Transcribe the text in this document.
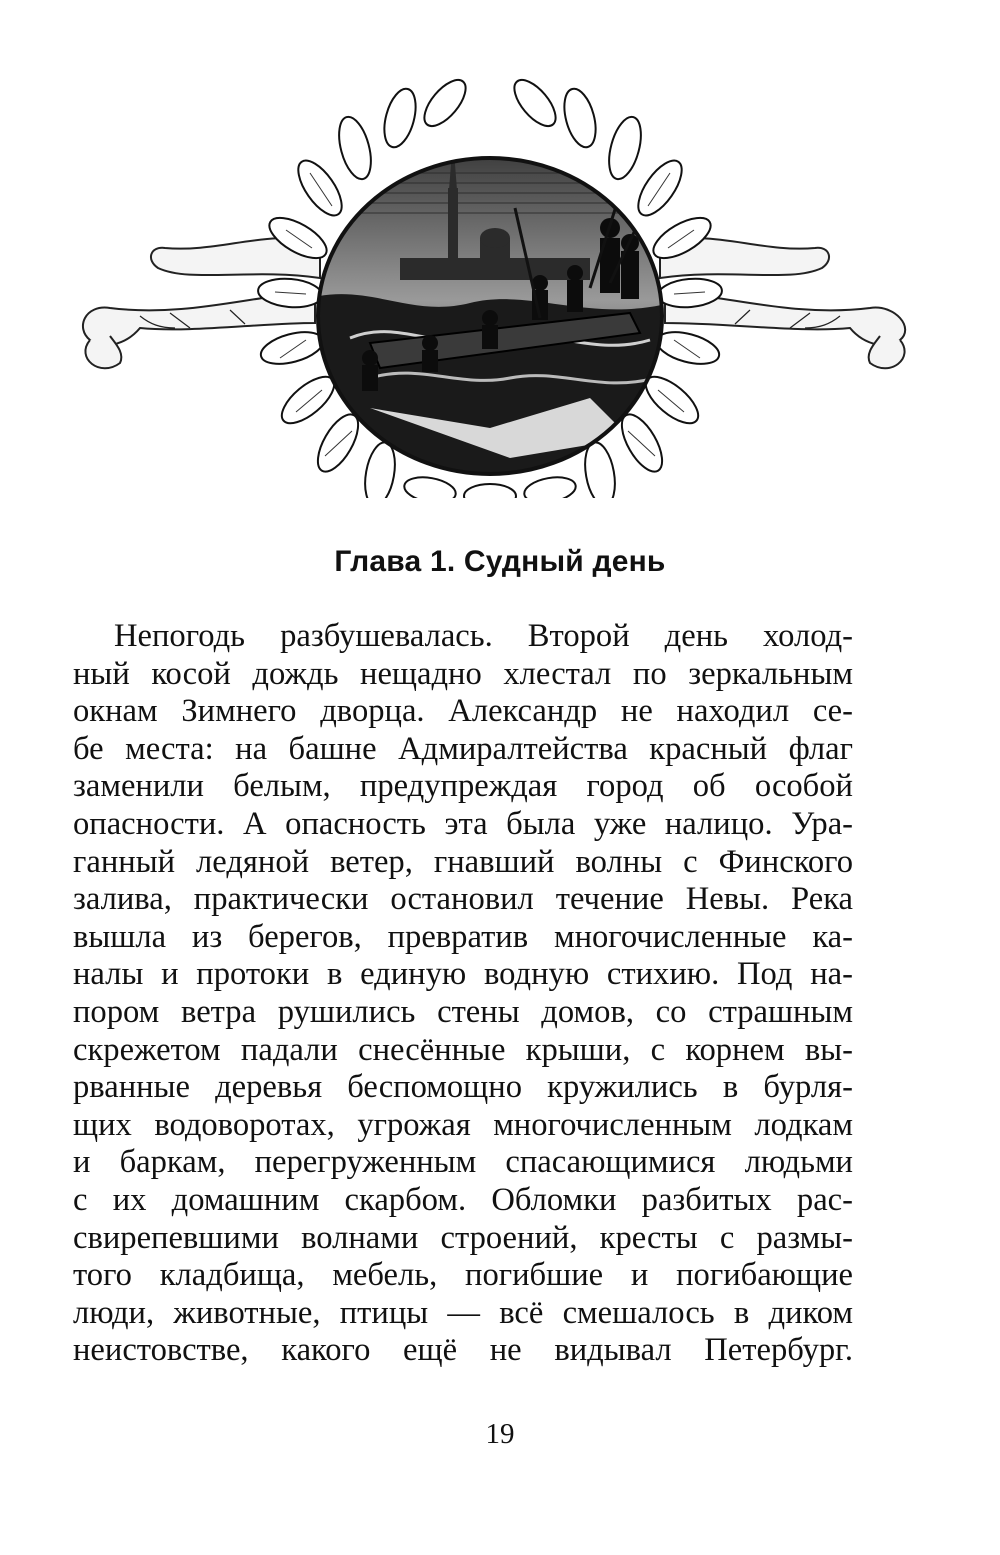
Глава 1. Судный день
Непогодь разбушевалась. Второй день холод-
ный косой дождь нещадно хлестал по зеркальным
окнам Зимнего дворца. Александр не находил се-
бе места: на башне Адмиралтейства красный флаг
заменили белым, предупреждая город об особой
опасности. А опасность эта была уже налицо. Ура-
ганный ледяной ветер, гнавший волны с Финского
залива, практически остановил течение Невы. Река
вышла из берегов, превратив многочисленные ка-
налы и протоки в единую водную стихию. Под на-
пором ветра рушились стены домов, со страшным
скрежетом падали снесённые крыши, с корнем вы-
рванные деревья беспомощно кружились в бурля-
щих водоворотах, угрожая многочисленным лодкам
и баркам, перегруженным спасающимися людьми
с их домашним скарбом. Обломки разбитых рас-
свирепевшими волнами строений, кресты с размы-
того кладбища, мебель, погибшие и погибающие
люди, животные, птицы — всё смешалось в диком
неистовстве, какого ещё не видывал Петербург.

19
